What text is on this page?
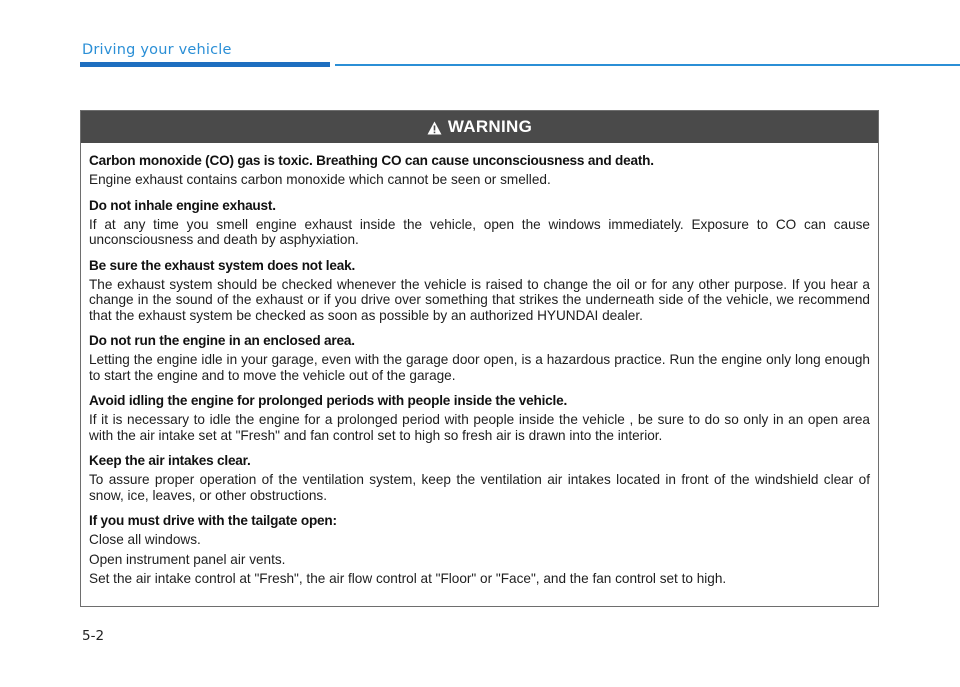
Driving your vehicle
WARNING
Carbon monoxide (CO) gas is toxic. Breathing CO can cause unconsciousness and death.
Engine exhaust contains carbon monoxide which cannot be seen or smelled.
Do not inhale engine exhaust.
If at any time you smell engine exhaust inside the vehicle, open the windows immediately. Exposure to CO can cause unconsciousness and death by asphyxiation.
Be sure the exhaust system does not leak.
The exhaust system should be checked whenever the vehicle is raised to change the oil or for any other purpose. If you hear a change in the sound of the exhaust or if you drive over something that strikes the underneath side of the vehicle, we recommend that the exhaust system be checked as soon as possible by an authorized HYUNDAI dealer.
Do not run the engine in an enclosed area.
Letting the engine idle in your garage, even with the garage door open, is a hazardous practice. Run the engine only long enough to start the engine and to move the vehicle out of the garage.
Avoid idling the engine for prolonged periods with people inside the vehicle.
If it is necessary to idle the engine for a prolonged period with people inside the vehicle , be sure to do so only in an open area with the air intake set at "Fresh" and fan control set to high so fresh air is drawn into the interior.
Keep the air intakes clear.
To assure proper operation of the ventilation system, keep the ventilation air intakes located in front of the windshield clear of snow, ice, leaves, or other obstructions.
If you must drive with the tailgate open:
Close all windows.
Open instrument panel air vents.
Set the air intake control at "Fresh", the air flow control at "Floor" or "Face", and the fan control set to high.
5-2
